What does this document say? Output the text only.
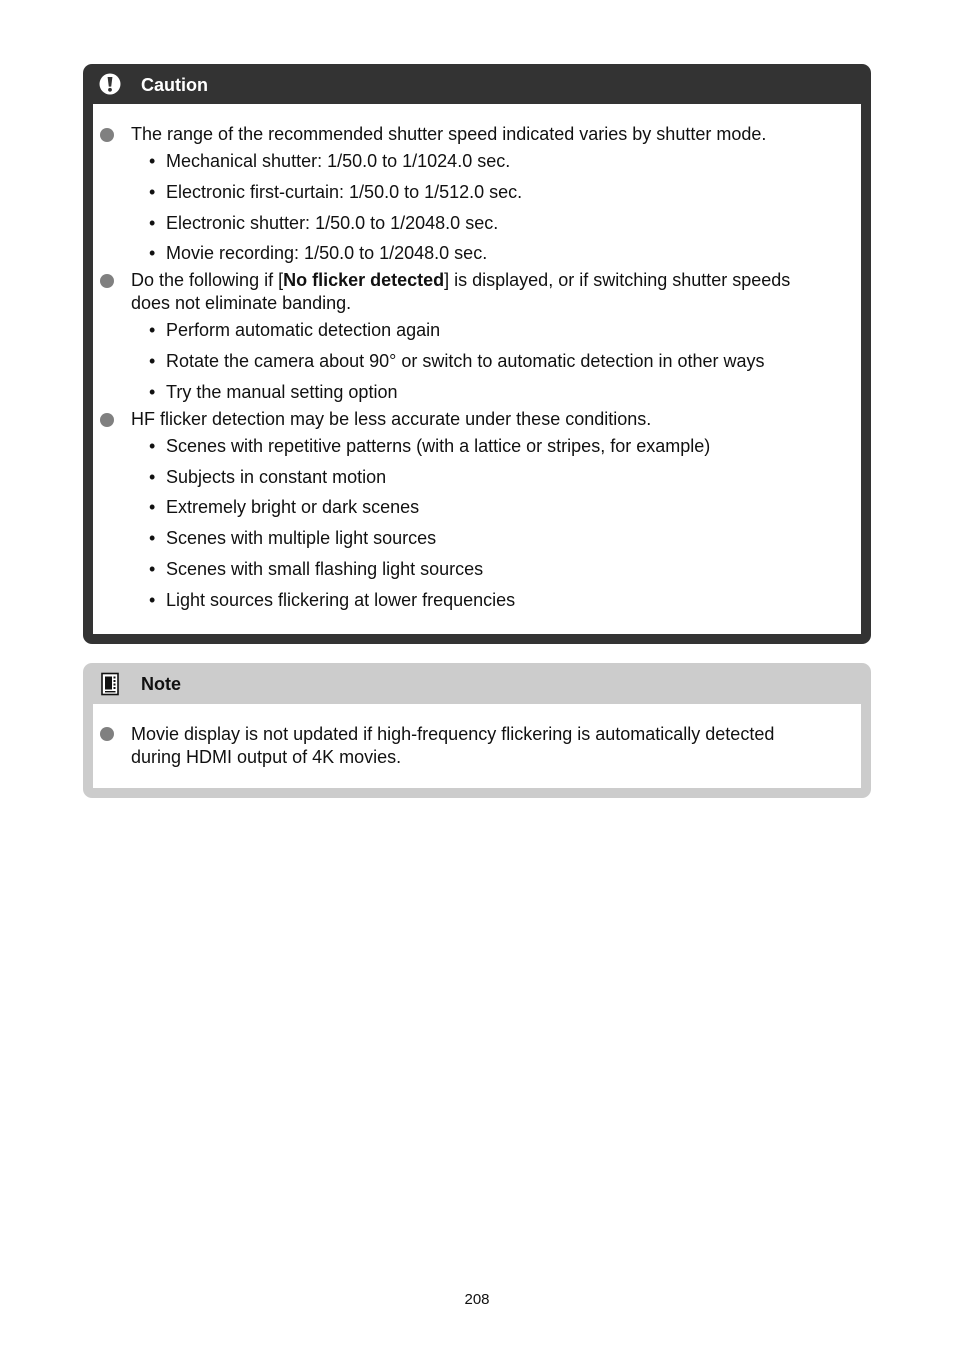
Caution
The range of the recommended shutter speed indicated varies by shutter mode.
• Mechanical shutter: 1/50.0 to 1/1024.0 sec.
• Electronic first-curtain: 1/50.0 to 1/512.0 sec.
• Electronic shutter: 1/50.0 to 1/2048.0 sec.
• Movie recording: 1/50.0 to 1/2048.0 sec.
Do the following if [No flicker detected] is displayed, or if switching shutter speeds
does not eliminate banding.
• Perform automatic detection again
• Rotate the camera about 90° or switch to automatic detection in other ways
• Try the manual setting option
HF flicker detection may be less accurate under these conditions.
• Scenes with repetitive patterns (with a lattice or stripes, for example)
• Subjects in constant motion
• Extremely bright or dark scenes
• Scenes with multiple light sources
• Scenes with small flashing light sources
• Light sources flickering at lower frequencies
Note
Movie display is not updated if high-frequency flickering is automatically detected
during HDMI output of 4K movies.
208
